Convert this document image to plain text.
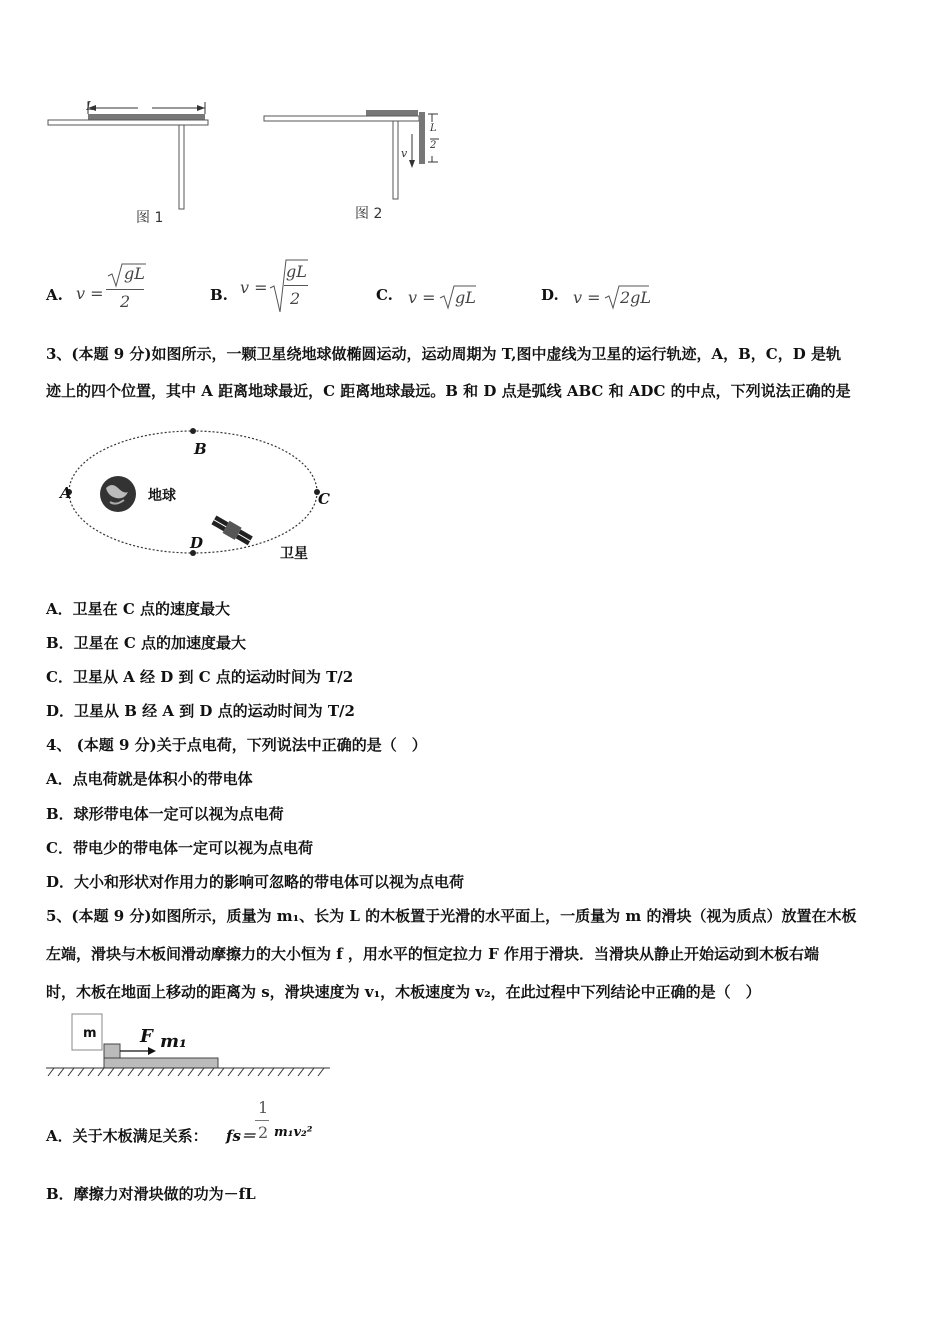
L
图 1
v
L
2
图 2
A. v =
gL
2	B. v =
gL
2	C. v = gL	D. v = 2gL
3、(本题 9 分)如图所示，一颗卫星绕地球做椭圆运动，运动周期为 T,图中虚线为卫星的运行轨迹，A，B，C，D 是轨
迹上的四个位置，其中 A 距离地球最近，C 距离地球最远。B 和 D 点是弧线 ABC 和 ADC 的中点，下列说法正确的是
A
B
C
D
地球
卫星
A．卫星在 C 点的速度最大
B．卫星在 C 点的加速度最大
C．卫星从 A 经 D 到 C 点的运动时间为 T/2
D．卫星从 B 经 A 到 D 点的运动时间为 T/2
4、 (本题 9 分)关于点电荷，下列说法中正确的是（　）
A．点电荷就是体积小的带电体
B．球形带电体一定可以视为点电荷
C．带电少的带电体一定可以视为点电荷
D．大小和形状对作用力的影响可忽略的带电体可以视为点电荷
5、(本题 9 分)如图所示，质量为 m₁、长为 L 的木板置于光滑的水平面上，一质量为 m 的滑块（视为质点）放置在木板
左端，滑块与木板间滑动摩擦力的大小恒为 f ，用水平的恒定拉力 F 作用于滑块．当滑块从静止开始运动到木板右端
时，木板在地面上移动的距离为 s，滑块速度为 v₁，木板速度为 v₂，在此过程中下列结论中正确的是（　）
m F m₁
A．关于木板满足关系： fs＝
1
2 m₁v₂²
B．摩擦力对滑块做的功为－fL
